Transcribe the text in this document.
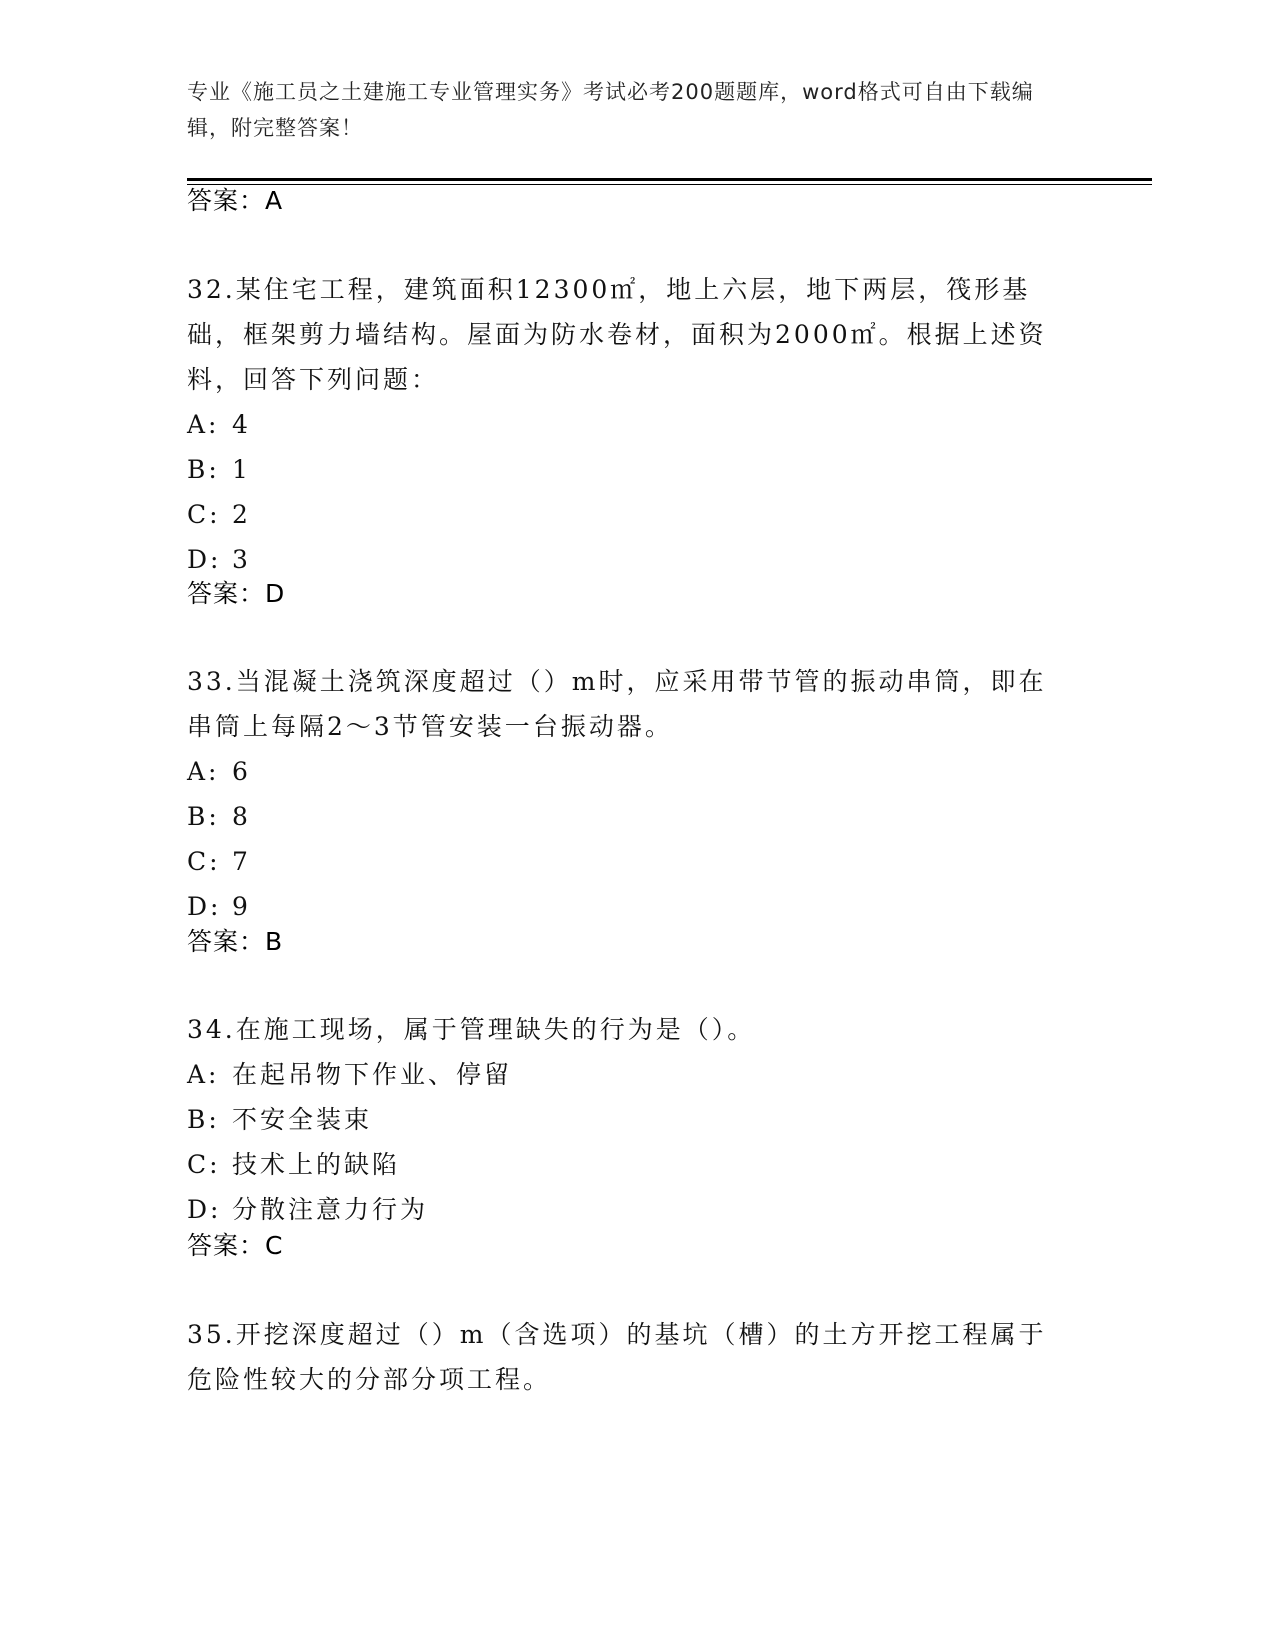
专业《施工员之土建施工专业管理实务》考试必考200题题库，word格式可自由下载编辑，附完整答案！
答案：A
32.某住宅工程，建筑面积12300㎡，地上六层，地下两层，筏形基础，框架剪力墙结构。屋面为防水卷材，面积为2000㎡。根据上述资料，回答下列问题：
A: 4
B: 1
C: 2
D: 3
答案：D
33.当混凝土浇筑深度超过（）m时，应采用带节管的振动串筒，即在串筒上每隔2～3节管安装一台振动器。
A: 6
B: 8
C: 7
D: 9
答案：B
34.在施工现场，属于管理缺失的行为是（）。
A: 在起吊物下作业、停留
B: 不安全装束
C: 技术上的缺陷
D: 分散注意力行为
答案：C
35.开挖深度超过（）m（含选项）的基坑（槽）的土方开挖工程属于危险性较大的分部分项工程。
